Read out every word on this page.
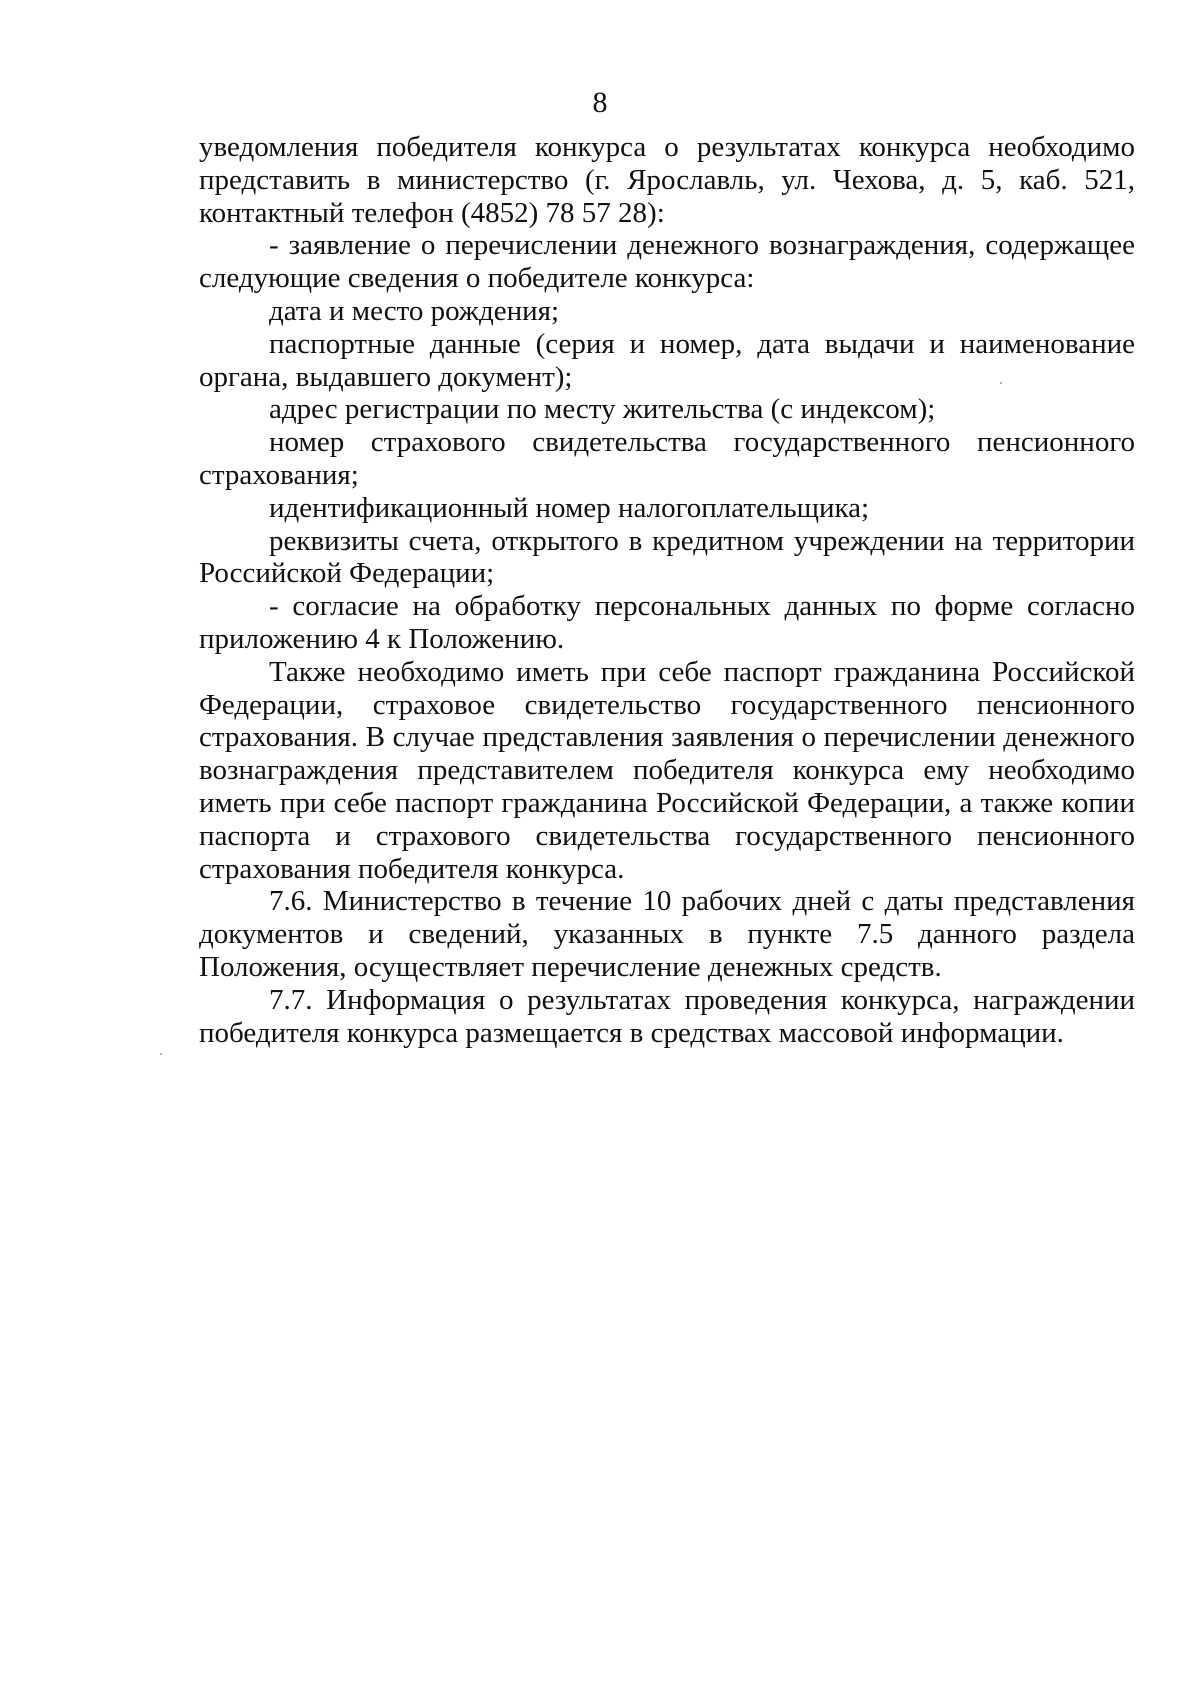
8

уведомления победителя конкурса о результатах конкурса необходимо представить в министерство (г. Ярославль, ул. Чехова, д. 5, каб. 521, контактный телефон (4852) 78 57 28):

- заявление о перечислении денежного вознаграждения, содержащее следующие сведения о победителе конкурса:

дата и место рождения;

паспортные данные (серия и номер, дата выдачи и наименование органа, выдавшего документ);

адрес регистрации по месту жительства (с индексом);

номер страхового свидетельства государственного пенсионного страхования;

идентификационный номер налогоплательщика;

реквизиты счета, открытого в кредитном учреждении на территории Российской Федерации;

- согласие на обработку персональных данных по форме согласно приложению 4 к Положению.

Также необходимо иметь при себе паспорт гражданина Российской Федерации, страховое свидетельство государственного пенсионного страхования. В случае представления заявления о перечислении денежного вознаграждения представителем победителя конкурса ему необходимо иметь при себе паспорт гражданина Российской Федерации, а также копии паспорта и страхового свидетельства государственного пенсионного страхования победителя конкурса.

7.6. Министерство в течение 10 рабочих дней с даты представления документов и сведений, указанных в пункте 7.5 данного раздела Положения, осуществляет перечисление денежных средств.

7.7. Информация о результатах проведения конкурса, награждении победителя конкурса размещается в средствах массовой информации.
